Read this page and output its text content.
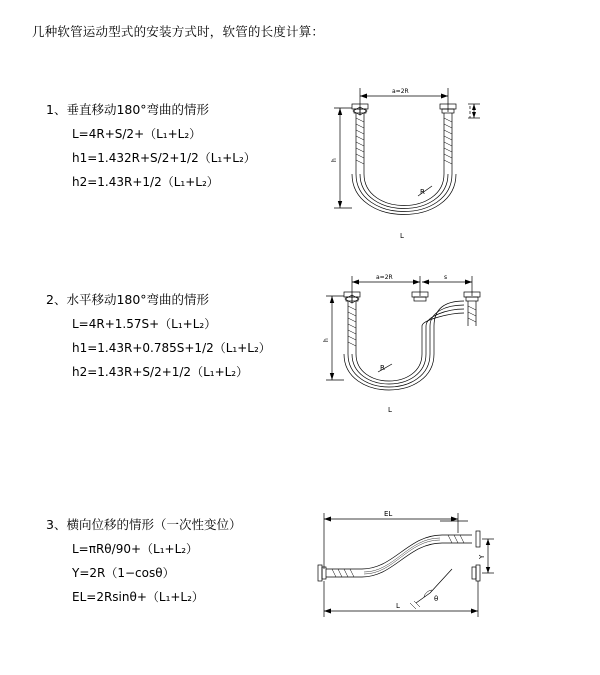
几种软管运动型式的安装方式时，软管的长度计算：
1、垂直移动180°弯曲的情形
L=4R+S/2+（L₁+L₂）
h1=1.432R+S/2+1/2（L₁+L₂）
h2=1.43R+1/2（L₁+L₂）
a=2R
h
R
L
2、水平移动180°弯曲的情形
L=4R+1.57S+（L₁+L₂）
h1=1.43R+0.785S+1/2（L₁+L₂）
h2=1.43R+S/2+1/2（L₁+L₂）
a=2R	s
h
R
L
3、横向位移的情形（一次性变位）
L=πRθ/90+（L₁+L₂）
Y=2R（1−cosθ）
EL=2Rsinθ+（L₁+L₂）
EL
Y
L
θ
